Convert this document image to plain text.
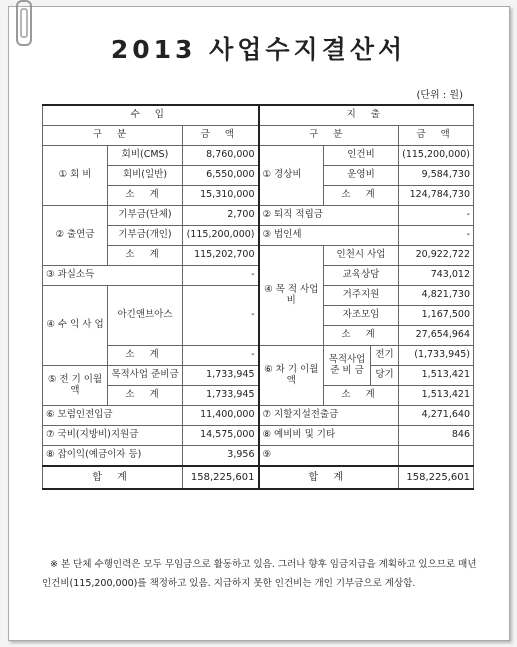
2013 사업수지결산서

(단위 : 원)

수 입			지 출			
구 분		금 액	구 분			금 액
① 회 비	회비(CMS)	8,760,000	① 경상비	인건비		(115,200,000)
	회비(일반)	6,550,000		운영비		9,584,730
	소 계	15,310,000		소 계		124,784,730
② 출연금	기부금(단체)	2,700	② 퇴직 적립금			-
	기부금(개인)	(115,200,000)	③ 법인세			-
	소 계	115,202,700	④ 목 적 사업비	인천시 사업		20,922,722
③ 과실소득		-		교육상담		743,012
④ 수 익 사 업	아긴앤브아스	-		거주지원		4,821,730
				자조모임		1,167,500
				소 계		27,654,964
	소 계	-	⑥ 차 기 이월액	목적사업 준 비 금	전기	(1,733,945)
⑤ 전 기 이월액	목적사업 준비금	1,733,945			당기	1,513,421
	소 계	1,733,945		소 계		1,513,421
⑥ 모럼인전입금		11,400,000	⑦ 지할지설전출금			4,271,640
⑦ 국비(지방비)지원금		14,575,000	⑧ 예비비 및 기타			846
⑧ 잡이익(예금이자 등)		3,956	⑨			
합 계		158,225,601	합 계			158,225,601

※ 본 단체 수행인력은 모두 무임금으로 활동하고 있음. 그러나 향후 임금지급을 계획하고 있으므로 매년 인건비(115,200,000)를 책정하고 있음. 지급하지 못한 인건비는 개인 기부금으로 계상함.
